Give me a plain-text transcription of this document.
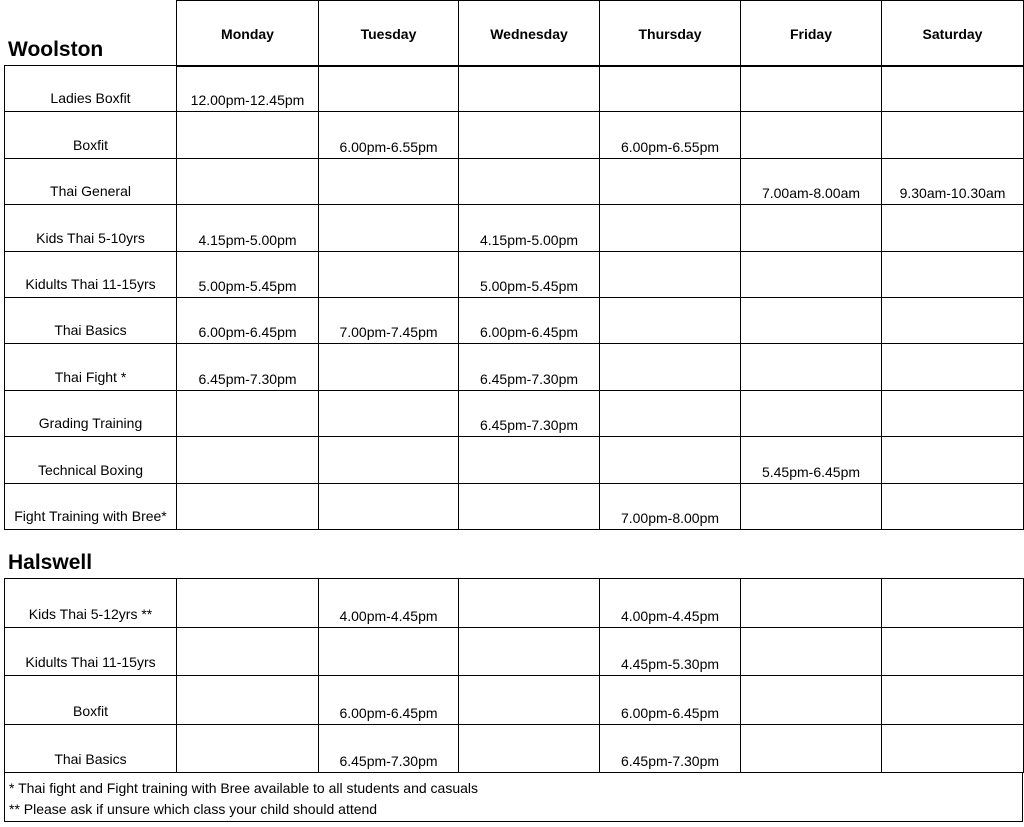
Woolston
Monday	Tuesday	Wednesday	Thursday	Friday	Saturday
Ladies Boxfit	12.00pm-12.45pm					
Boxfit		6.00pm-6.55pm		6.00pm-6.55pm		
Thai General					7.00am-8.00am	9.30am-10.30am
Kids Thai 5-10yrs	4.15pm-5.00pm		4.15pm-5.00pm			
Kidults Thai 11-15yrs	5.00pm-5.45pm		5.00pm-5.45pm			
Thai Basics	6.00pm-6.45pm	7.00pm-7.45pm	6.00pm-6.45pm			
Thai Fight *	6.45pm-7.30pm		6.45pm-7.30pm			
Grading Training			6.45pm-7.30pm			
Technical Boxing					5.45pm-6.45pm	
Fight Training with Bree*				7.00pm-8.00pm		
Halswell
Kids Thai 5-12yrs **		4.00pm-4.45pm		4.00pm-4.45pm		
Kidults Thai 11-15yrs				4.45pm-5.30pm		
Boxfit		6.00pm-6.45pm		6.00pm-6.45pm		
Thai Basics		6.45pm-7.30pm		6.45pm-7.30pm		
* Thai fight and Fight training with Bree available to all students and casuals
** Please ask if unsure which class your child should attend
